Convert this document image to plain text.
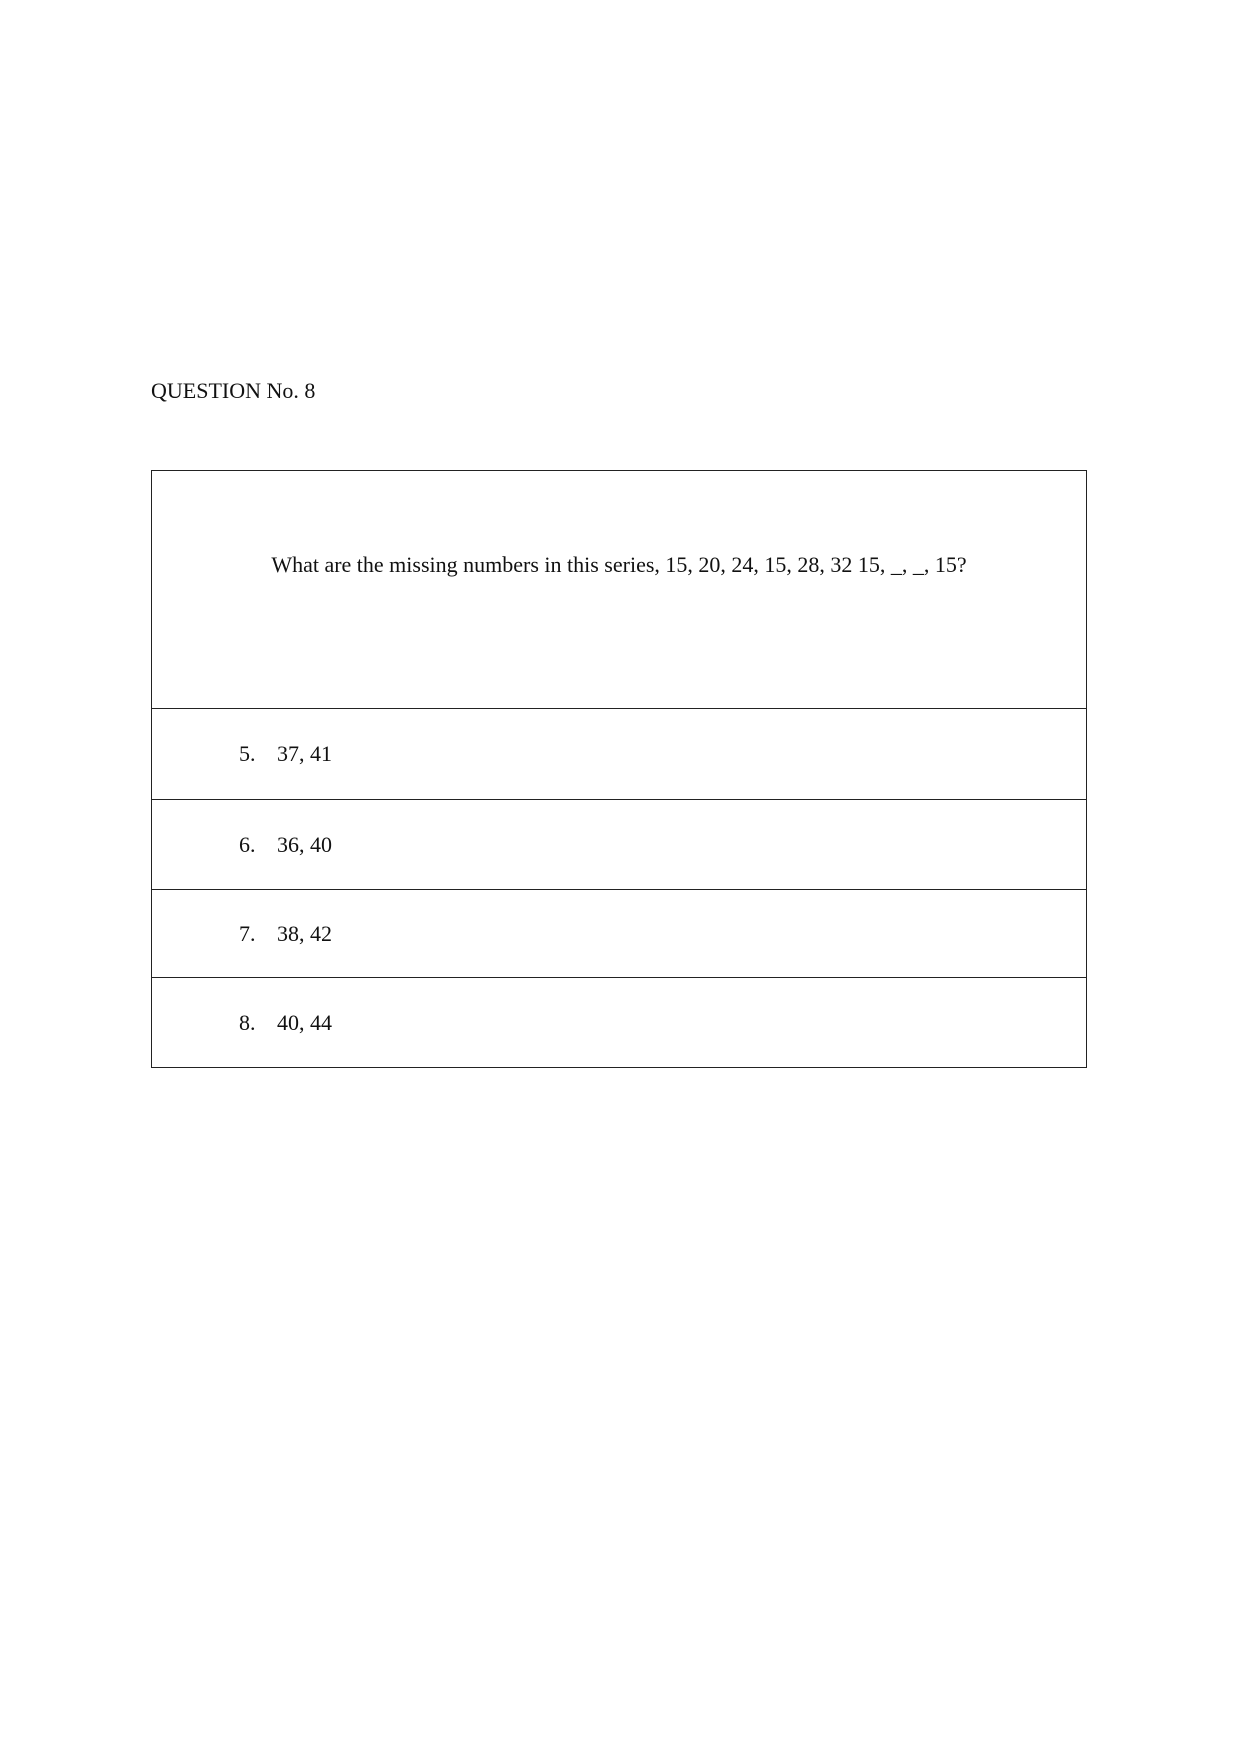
QUESTION No. 8
What are the missing numbers in this series, 15, 20, 24, 15, 28, 32 15, _, _, 15?

5. 37, 41

6. 36, 40

7. 38, 42

8. 40, 44
